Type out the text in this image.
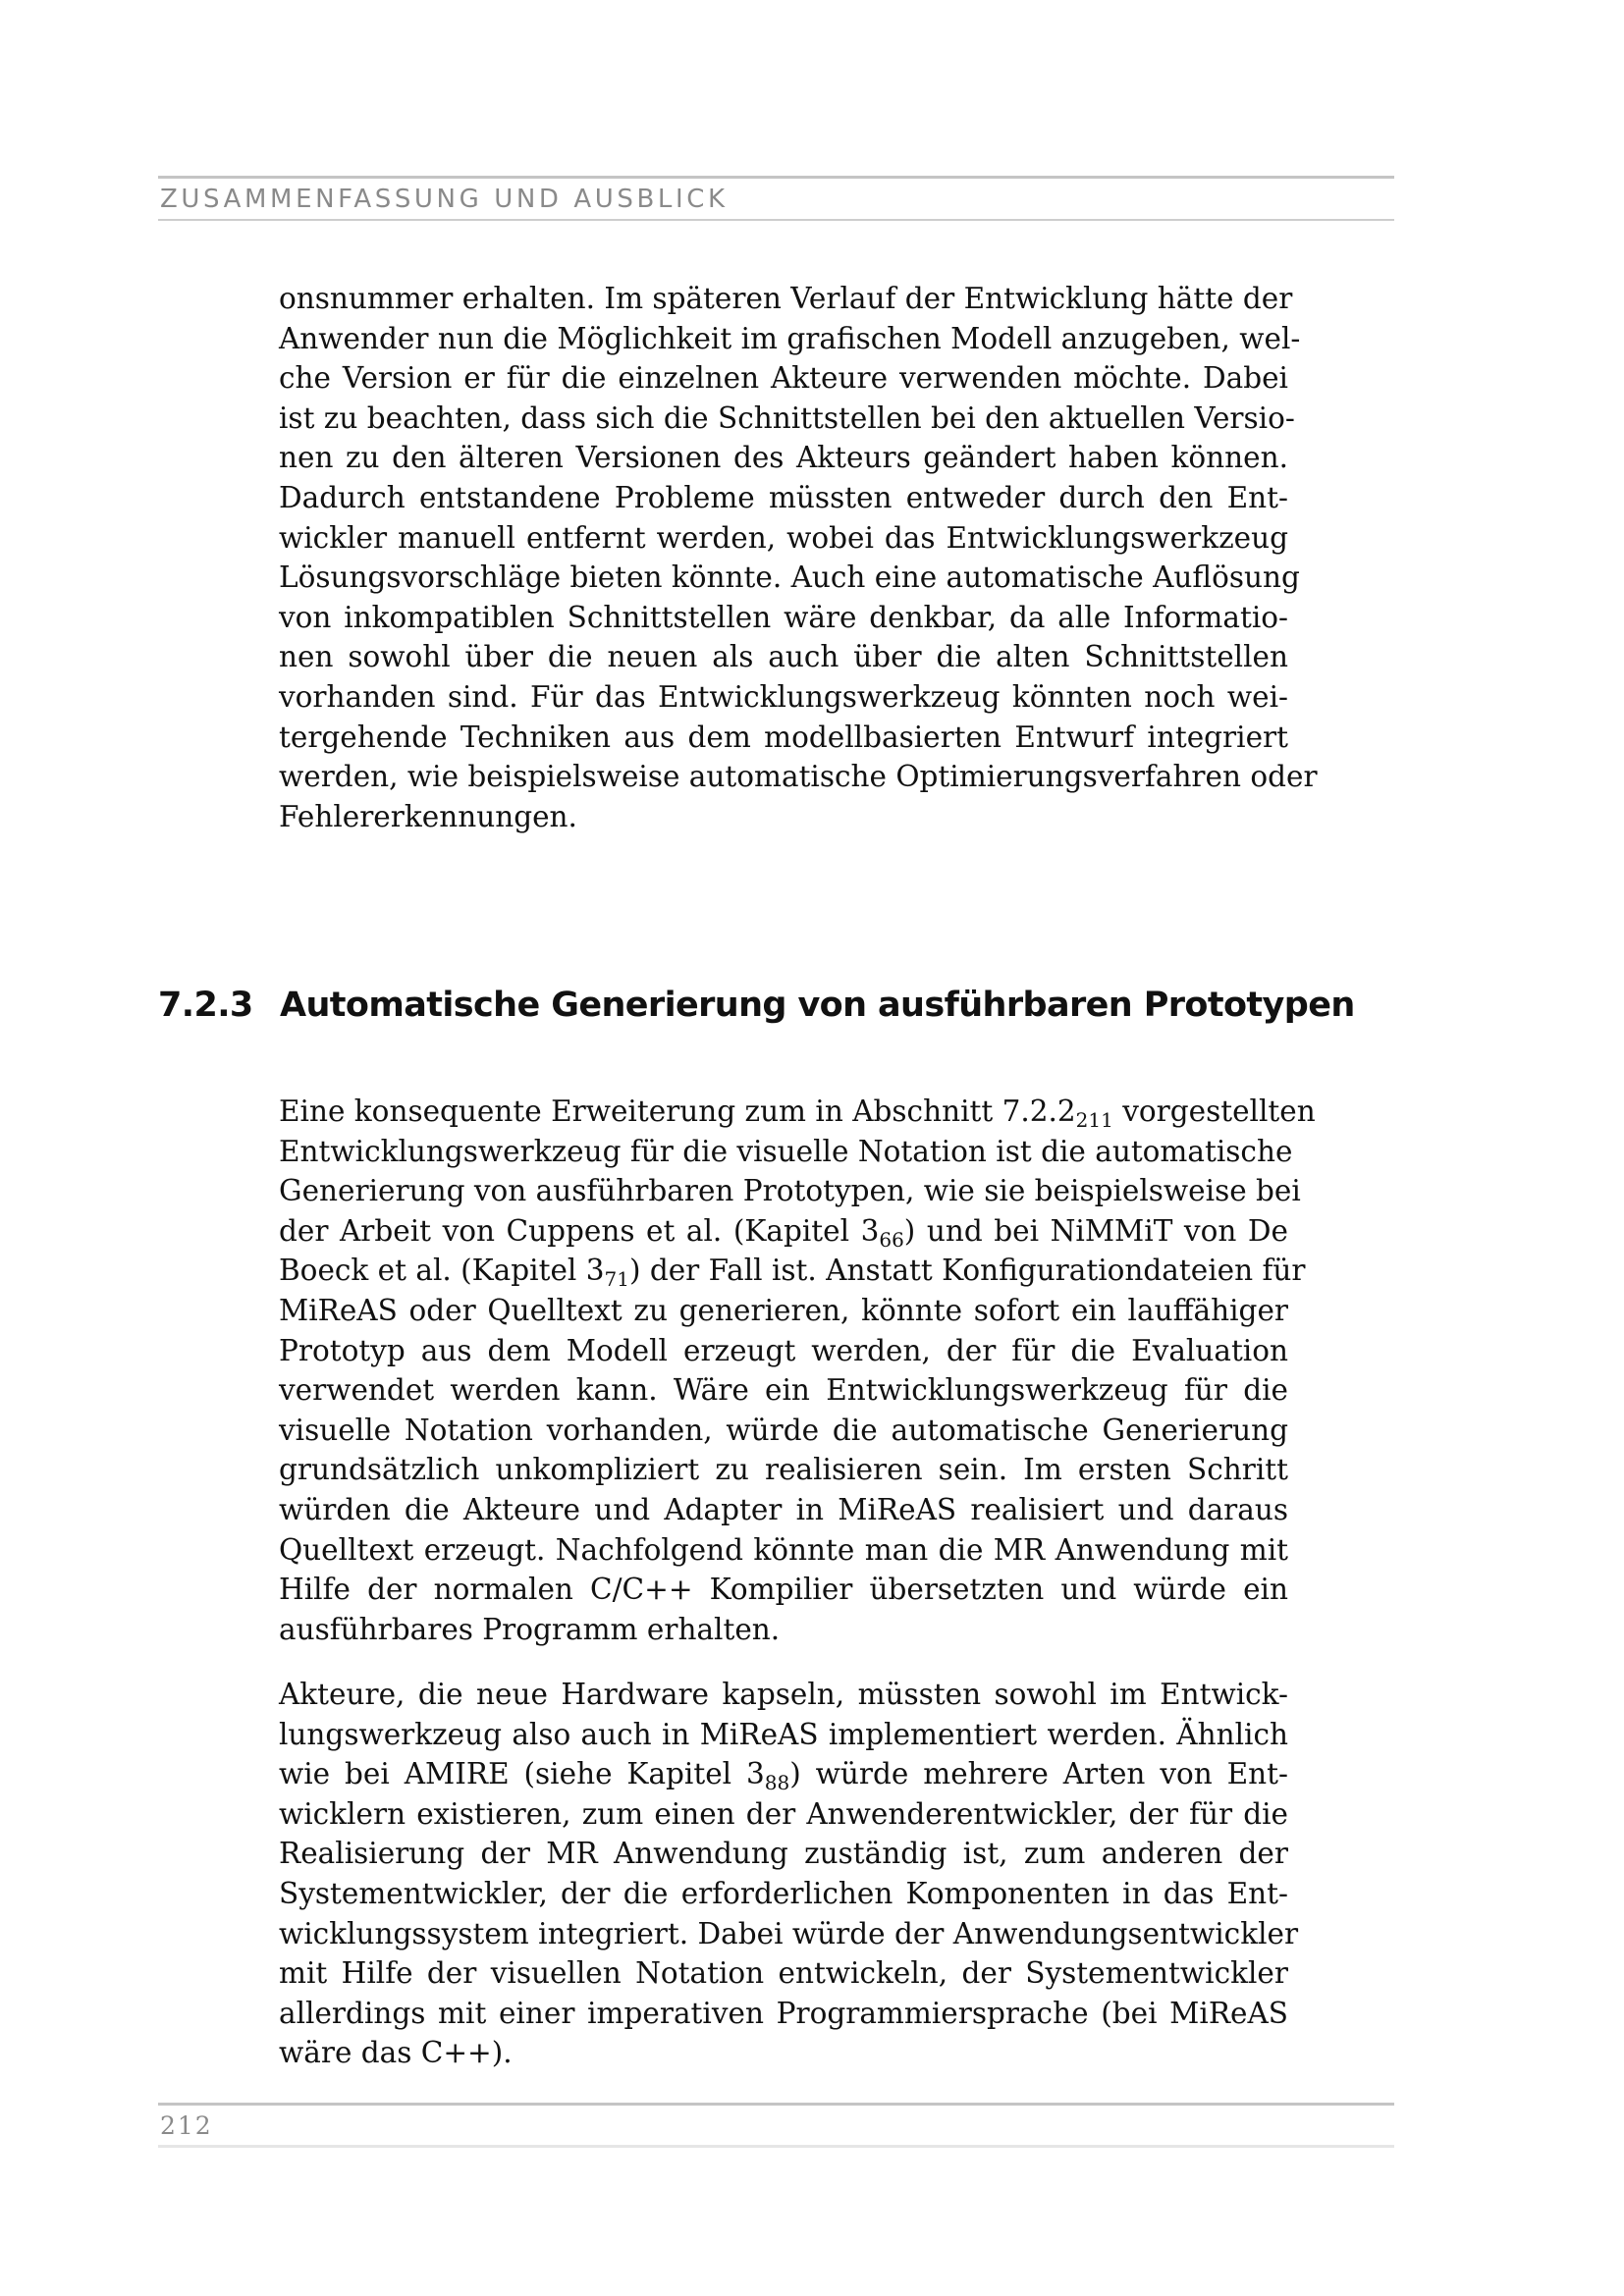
ZUSAMMENFASSUNG UND AUSBLICK
onsnummer erhalten. Im späteren Verlauf der Entwicklung hätte der
Anwender nun die Möglichkeit im grafischen Modell anzugeben, wel-
che Version er für die einzelnen Akteure verwenden möchte. Dabei
ist zu beachten, dass sich die Schnittstellen bei den aktuellen Versio-
nen zu den älteren Versionen des Akteurs geändert haben können.
Dadurch entstandene Probleme müssten entweder durch den Ent-
wickler manuell entfernt werden, wobei das Entwicklungswerkzeug
Lösungsvorschläge bieten könnte. Auch eine automatische Auflösung
von inkompatiblen Schnittstellen wäre denkbar, da alle Informatio-
nen sowohl über die neuen als auch über die alten Schnittstellen
vorhanden sind. Für das Entwicklungswerkzeug könnten noch wei-
tergehende Techniken aus dem modellbasierten Entwurf integriert
werden, wie beispielsweise automatische Optimierungsverfahren oder
Fehlererkennungen.
7.2.3 Automatische Generierung von ausführbaren Prototypen
Eine konsequente Erweiterung zum in Abschnitt $7.2.2_{211}$ vorgestellten
Entwicklungswerkzeug für die visuelle Notation ist die automatische
Generierung von ausführbaren Prototypen, wie sie beispielsweise bei
der Arbeit von Cuppens et al. (Kapitel $3_{66}$) und bei NiMMiT von De
Boeck et al. (Kapitel $3_{71}$) der Fall ist. Anstatt Konfigurationdateien für
MiReAS oder Quelltext zu generieren, könnte sofort ein lauffähiger
Prototyp aus dem Modell erzeugt werden, der für die Evaluation
verwendet werden kann. Wäre ein Entwicklungswerkzeug für die
visuelle Notation vorhanden, würde die automatische Generierung
grundsätzlich unkompliziert zu realisieren sein. Im ersten Schritt
würden die Akteure und Adapter in MiReAS realisiert und daraus
Quelltext erzeugt. Nachfolgend könnte man die MR Anwendung mit
Hilfe der normalen C/C++ Kompilier übersetzten und würde ein
ausführbares Programm erhalten.
Akteure, die neue Hardware kapseln, müssten sowohl im Entwick-
lungswerkzeug also auch in MiReAS implementiert werden. Ähnlich
wie bei AMIRE (siehe Kapitel $3_{88}$) würde mehrere Arten von Ent-
wicklern existieren, zum einen der Anwenderentwickler, der für die
Realisierung der MR Anwendung zuständig ist, zum anderen der
Systementwickler, der die erforderlichen Komponenten in das Ent-
wicklungssystem integriert. Dabei würde der Anwendungsentwickler
mit Hilfe der visuellen Notation entwickeln, der Systementwickler
allerdings mit einer imperativen Programmiersprache (bei MiReAS
wäre das C++).
212
